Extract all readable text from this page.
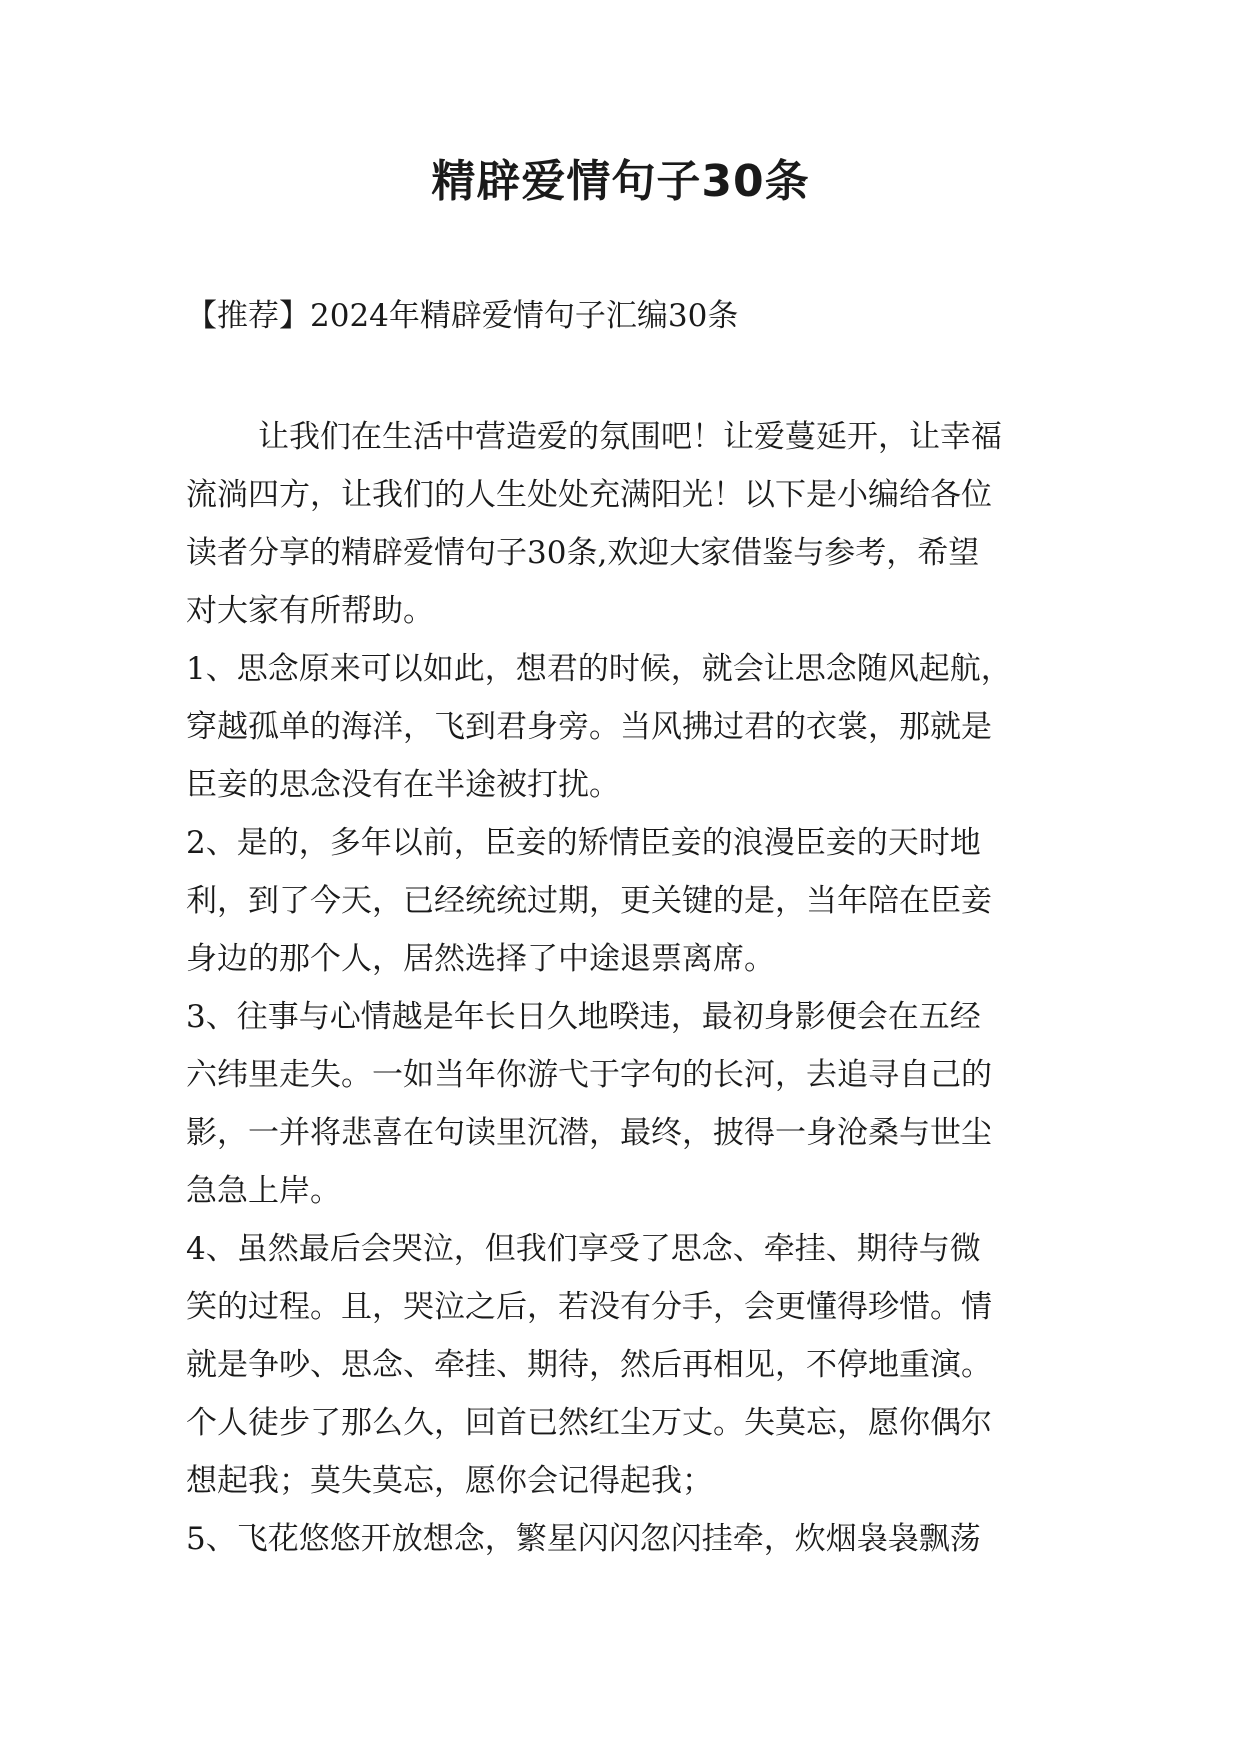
精辟爱情句子30条
【推荐】2024年精辟爱情句子汇编30条
让我们在生活中营造爱的氛围吧！让爱蔓延开，让幸福
流淌四方，让我们的人生处处充满阳光！以下是小编给各位
读者分享的精辟爱情句子30条,欢迎大家借鉴与参考，希望
对大家有所帮助。
1、思念原来可以如此，想君的时候，就会让思念随风起航，
穿越孤单的海洋，飞到君身旁。当风拂过君的衣裳，那就是
臣妾的思念没有在半途被打扰。
2、是的，多年以前，臣妾的矫情臣妾的浪漫臣妾的天时地
利，到了今天，已经统统过期，更关键的是，当年陪在臣妾
身边的那个人，居然选择了中途退票离席。
3、往事与心情越是年长日久地暌违，最初身影便会在五经
六纬里走失。一如当年你游弋于字句的长河，去追寻自己的
影，一并将悲喜在句读里沉潜，最终，披得一身沧桑与世尘
急急上岸。
4、虽然最后会哭泣，但我们享受了思念、牵挂、期待与微
笑的过程。且，哭泣之后，若没有分手，会更懂得珍惜。情
就是争吵、思念、牵挂、期待，然后再相见，不停地重演。
个人徒步了那么久，回首已然红尘万丈。失莫忘，愿你偶尔
想起我；莫失莫忘，愿你会记得起我；
5、飞花悠悠开放想念，繁星闪闪忽闪挂牵，炊烟袅袅飘荡
